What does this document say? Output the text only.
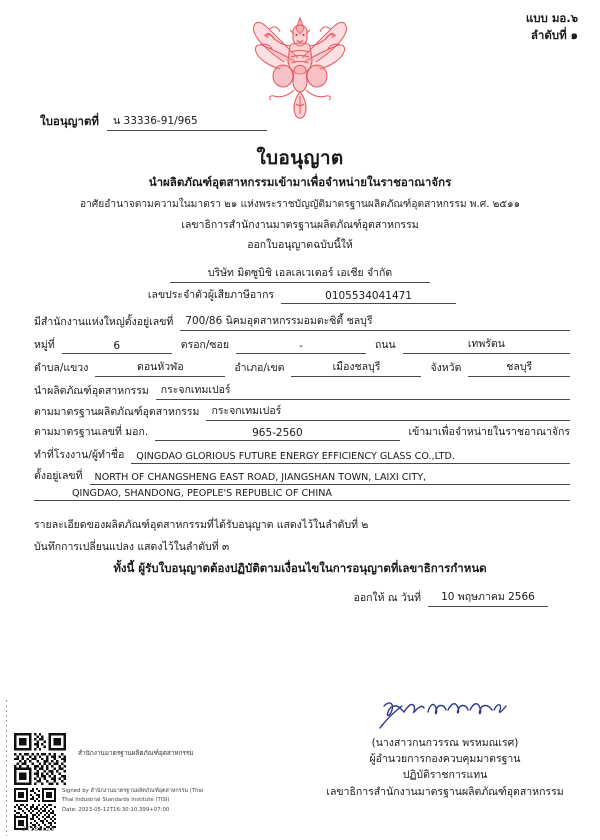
แบบ มอ.๖
ลำดับที่ ๑
ใบอนุญาตที่	น 33336-91/965
ใบอนุญาต
นำผลิตภัณฑ์อุตสาหกรรมเข้ามาเพื่อจำหน่ายในราชอาณาจักร
อาศัยอำนาจตามความในมาตรา ๒๑ แห่งพระราชบัญญัติมาตรฐานผลิตภัณฑ์อุตสาหกรรม พ.ศ. ๒๕๑๑
เลขาธิการสำนักงานมาตรฐานผลิตภัณฑ์อุตสาหกรรม
ออกใบอนุญาตฉบับนี้ให้
บริษัท มิตซูบิชิ เอลเลเวเตอร์ เอเชีย จำกัด
เลขประจำตัวผู้เสียภาษีอากร	0105534041471
มีสำนักงานแห่งใหญ่ตั้งอยู่เลขที่	700/86 นิคมอุตสาหกรรมอมตะซิตี้ ชลบุรี
หมู่ที่	6	ตรอก/ซอย	-	ถนน	เทพรัตน
ตำบล/แขวง	ดอนหัวฬ่อ	อำเภอ/เขต	เมืองชลบุรี	จังหวัด	ชลบุรี
นำผลิตภัณฑ์อุตสาหกรรม	กระจกเทมเปอร์
ตามมาตรฐานผลิตภัณฑ์อุตสาหกรรม	กระจกเทมเปอร์
ตามมาตรฐานเลขที่ มอก.	965-2560	เข้ามาเพื่อจำหน่ายในราชอาณาจักร
ทำที่โรงงาน/ผู้ทำชื่อ	QINGDAO GLORIOUS FUTURE ENERGY EFFICIENCY GLASS CO.,LTD.
ตั้งอยู่เลขที่	NORTH OF CHANGSHENG EAST ROAD, JIANGSHAN TOWN, LAIXI CITY,
QINGDAO, SHANDONG, PEOPLE'S REPUBLIC OF CHINA
รายละเอียดของผลิตภัณฑ์อุตสาหกรรมที่ได้รับอนุญาต แสดงไว้ในลำดับที่ ๒
บันทึกการเปลี่ยนแปลง แสดงไว้ในลำดับที่ ๓
ทั้งนี้ ผู้รับใบอนุญาตต้องปฏิบัติตามเงื่อนไขในการอนุญาตที่เลขาธิการกำหนด
ออกให้ ณ วันที่	10 พฤษภาคม 2566
(นางสาวกนกวรรณ พรหมณเรศ)
ผู้อำนวยการกองควบคุมมาตรฐาน
ปฏิบัติราชการแทน
เลขาธิการสำนักงานมาตรฐานผลิตภัณฑ์อุตสาหกรรม
สำนักงานมาตรฐานผลิตภัณฑ์อุตสาหกรรม
Signed by สำนักงานมาตรฐานผลิตภัณฑ์อุตสาหกรรม (Thai
Thai Industrial Standards Institute (TISI)
Date: 2023-05-12T16:30:10.399+07:00
2T185c29
